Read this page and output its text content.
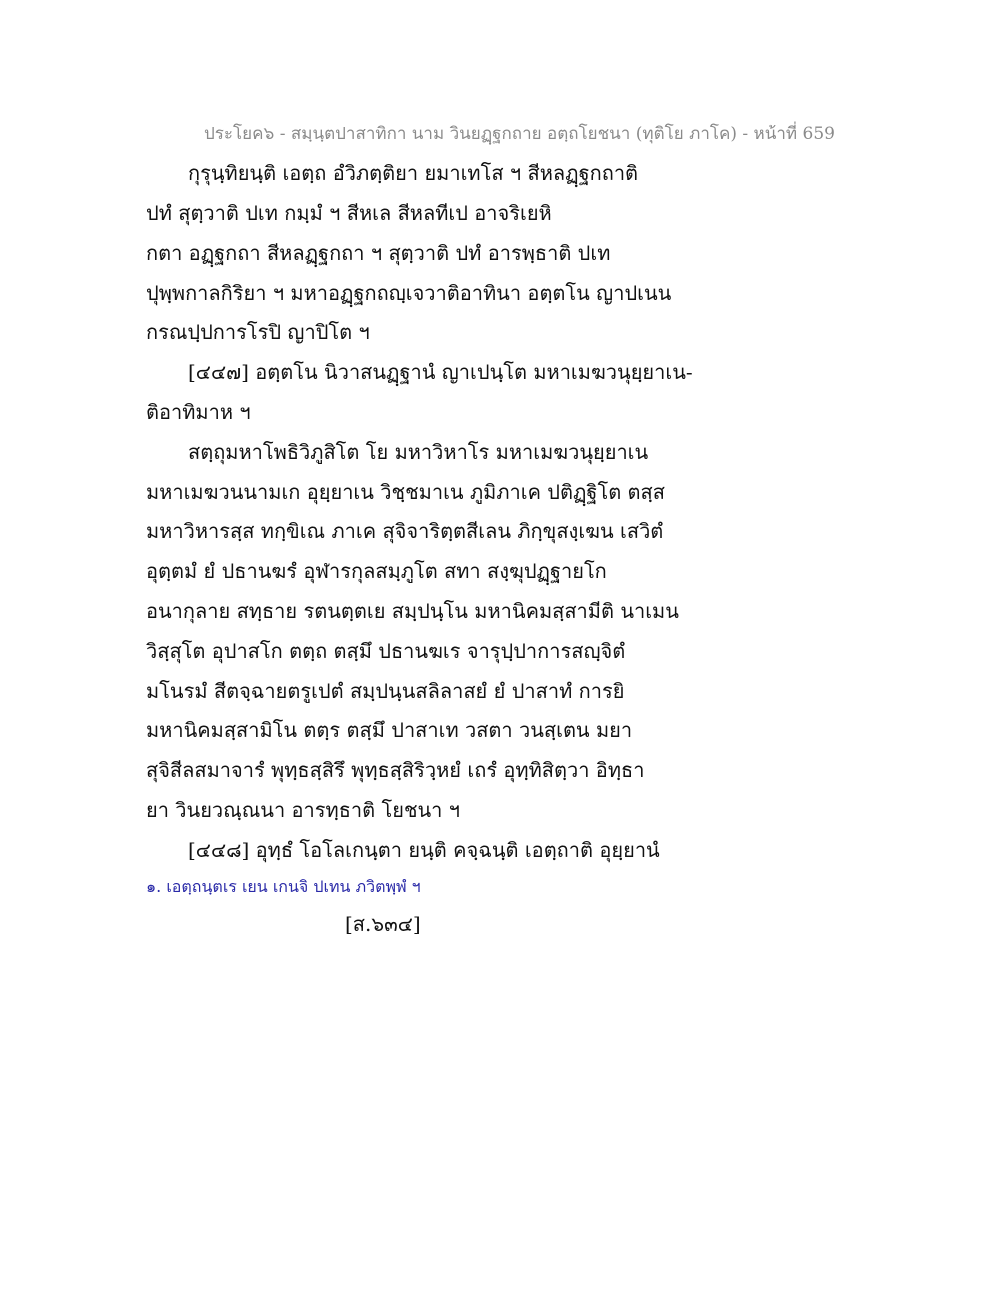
ประโยค๖ - สมฺนฺตปาสาทิกา นาม วินยฏฺฐกถาย อตฺถโยชนา (ทุติโย ภาโค) - หน้าที่ 659
กุรุนฺทิยนฺติ เอตฺถ อํวิภตฺติยา ยมาเทโส ฯ สีหลฏฺฐกถาติ
ปทํ สุตฺวาติ ปเท กมฺมํ ฯ สีหเล สีหลทีเป อาจริเยหิ
กตา อฏฺฐกถา สีหลฏฺฐกถา ฯ สุตฺวาติ ปทํ อารพฺธาติ ปเท
ปุพฺพกาลกิริยา ฯ มหาอฏฺฐกถญฺเจวาติอาทินา อตฺตโน ญาปเนน
กรณปฺปการโรปิ ญาปิโต ฯ
[๔๔๗] อตฺตโน นิวาสนฏฺฐานํ ญาเปนฺโต มหาเมฆวนุยฺยาเน-
ติอาทิมาห ฯ
สตฺถุมหาโพธิวิภูสิโต โย มหาวิหาโร มหาเมฆวนุยฺยาเน
มหาเมฆวนนามเก อุยฺยาเน วิชฺชมาเน ภูมิภาเค ปติฏฺฐิโต ตสฺส
มหาวิหารสฺส ทกฺขิเณ ภาเค สุจิจาริตฺตสีเลน ภิกฺขุสงฺเฆน เสวิตํ
อุตฺตมํ ยํ ปธานฆรํ อุฬารกุลสมฺภูโต สทา สงฺฆุปฏฺฐายโก
อนากุลาย สทฺธาย รตนตฺตเย สมฺปนฺโน มหานิคมสฺสามีติ นาเมน
วิสฺสุโต อุปาสโก ตตฺถ ตสฺมึ ปธานฆเร จารุปฺปาการสญฺจิตํ
มโนรมํ สีตจฺฉายตรูเปตํ สมฺปนฺนสลิลาสยํ ยํ ปาสาทํ การยิ
มหานิคมสฺสามิโน ตตฺร ตสฺมึ ปาสาเท วสตา วนสฺเตน มยา
สุจิสีลสมาจารํ พุทฺธสฺสิรึ พุทฺธสฺสิริวฺหยํ เถรํ อุทฺทิสิตฺวา อิทฺธา
ยา วินยวณฺณนา อารทฺธาติ โยชนา ฯ
[๔๔๘] อุทฺธํ โอโลเกนฺตา ยนฺติ คจฺฉนฺติ เอตฺถาติ อุยฺยานํ
๑. เอตฺถนฺตเร เยน เกนจิ ปเทน ภวิตพฺพํ ฯ
[ส.๖๓๔]
